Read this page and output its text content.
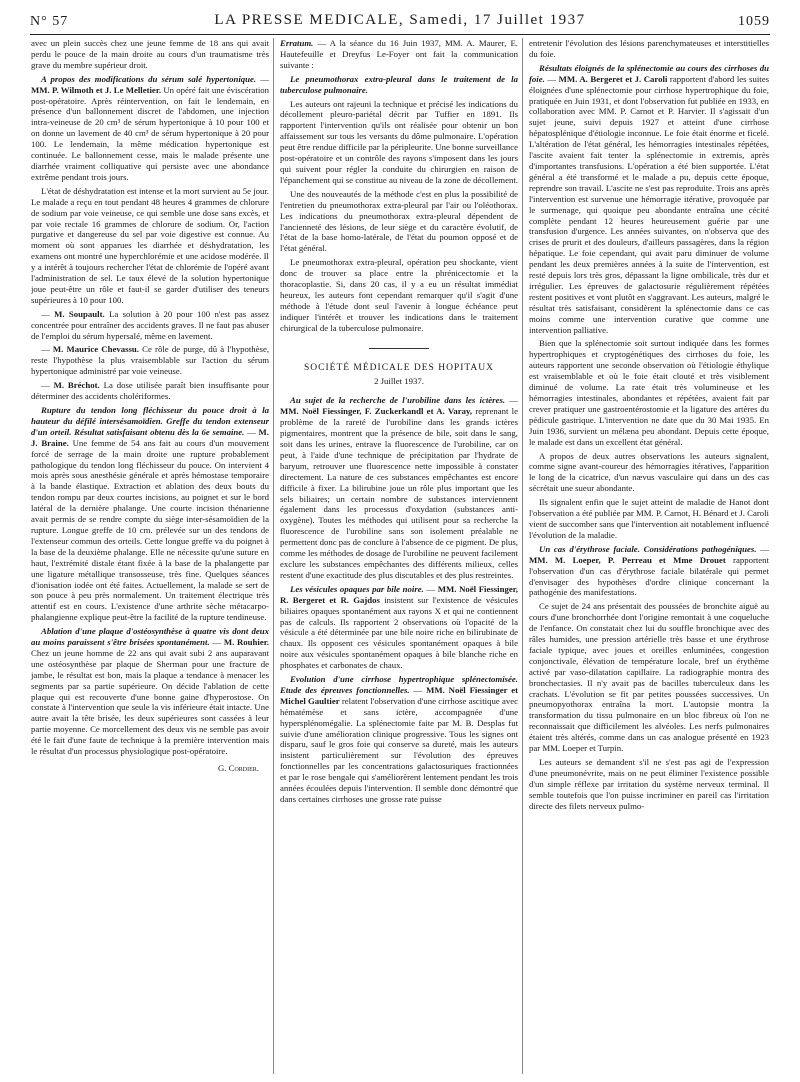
N° 57	LA PRESSE MEDICALE, Samedi, 17 Juillet 1937	1059

avec un plein succès chez une jeune femme de 18 ans qui avait perdu le pouce de la main droite au cours d'un traumatisme très grave du membre supérieur droit.

A propos des modifications du sérum salé hypertonique. — MM. P. Wilmoth et J. Le Melletier. Un opéré fait une éviscération post-opératoire. Après réintervention, on fait le lendemain, en présence d'un ballonnement discret de l'abdomen, une injection intra-veineuse de 20 cm³ de sérum hypertonique à 10 pour 100 et on donne un lavement de 40 cm³ de sérum hypertonique à 20 pour 100. Le lendemain, la même médication hypertonique est continuée. Le ballonnement cesse, mais le malade présente une diarrhée vraiment colliquative qui persiste avec une abondance extrême pendant trois jours.

L'état de déshydratation est intense et la mort survient au 5e jour. Le malade a reçu en tout pendant 48 heures 4 grammes de chlorure de sodium par voie veineuse, ce qui semble une dose sans excès, et par voie rectale 16 grammes de chlorure de sodium. Or, l'action purgative et dangereuse du sel par voie digestive est connue. Au moment où sont apparues les diarrhée et déshydratation, les examens ont montré une hyperchlorémie et une acidose modérée. Il y a intérêt à toujours rechercher l'état de chlorémie de l'opéré avant l'administration de sel. Le taux élevé de la solution hypertonique joue peut-être un rôle et faut-il se garder d'utiliser des teneurs supérieures à 10 pour 100.

— M. Soupault. La solution à 20 pour 100 n'est pas assez concentrée pour entraîner des accidents graves. Il ne faut pas abuser de l'emploi du sérum hypersalé, même en lavement.

— M. Maurice Chevassu. Ce rôle de purge, dû à l'hypothèse, reste l'hypothèse la plus vraisemblable sur l'action du sérum hypertonique administré par voie veineuse.

— M. Bréchot. La dose utilisée paraît bien insuffisante pour déterminer des accidents cholériformes.

Rupture du tendon long fléchisseur du pouce droit à la hauteur du défilé intersésamoïdien. Greffe du tendon extenseur d'un orteil. Résultat satisfaisant obtenu dès la 6e semaine. — M. J. Braine. Une femme de 54 ans fait au cours d'un mouvement forcé de serrage de la main droite une rupture probablement pathologique du tendon long fléchisseur du pouce. On intervient 4 mois après sous anesthésie générale et après hémostase temporaire à la bande élastique. Extraction et ablation des deux bouts du tendon rompu par deux courtes incisions, au poignet et sur le bord latéral de la dernière phalange. Une courte incision thénarienne avait permis de se rendre compte du siège inter-sésamoïdien de la rupture. Longue greffe de 10 cm. prélevée sur un des tendons de l'extenseur commun des orteils. Cette longue greffe va du poignet à la base de la deuxième phalange. Elle ne nécessite qu'une suture en haut, l'extrémité distale étant fixée à la base de la phalangette par une ligature métallique transosseuse, très fine. Quelques séances d'ionisation iodée ont été faites. Actuellement, la malade se sert de son pouce à peu près normalement. Un traitement électrique très attentif est en cours. L'existence d'une arthrite sèche métacarpo-phalangienne explique peut-être la facilité de la rupture tendineuse.

Ablation d'une plaque d'ostéosynthèse à quatre vis dont deux au moins paraissent s'être brisées spontanément. — M. Rouhier. Chez un jeune homme de 22 ans qui avait subi 2 ans auparavant une ostéosynthèse par plaque de Sherman pour une fracture de jambe, le résultat est bon, mais la plaque a tendance à menacer les segments par sa partie supérieure. On décide l'ablation de cette plaque qui est recouverte d'une bonne gaine d'hyperostose. On constate à l'intervention que seule la vis inférieure était intacte. Une autre avait la tête brisée, les deux supérieures sont cassées à leur partie moyenne. Ce morcellement des deux vis ne semble pas avoir été le fait d'une faute de technique à la première intervention mais le résultat d'un processus physiologique post-opératoire.

G. Cordier.

Erratum. — A la séance du 16 Juin 1937, MM. A. Maurer, E. Hautefeuille et Dreyfus Le-Foyer ont fait la communication suivante :

Le pneumothorax extra-pleural dans le traitement de la tuberculose pulmonaire.

Les auteurs ont rajeuni la technique et précisé les indications du décollement pleuro-pariétal décrit par Tuffier en 1891. Ils rapportent l'intervention qu'ils ont réalisée pour obtenir un bon affaissement sur tous les versants du dôme pulmonaire. L'opération peut être rendue difficile par la péripleurite. Une bonne surveillance post-opératoire et un contrôle des rayons s'imposent dans les jours qui suivent pour régler la conduite du chirurgien en raison de l'épanchement qui se constitue au niveau de la zone de décollement.

Une des nouveautés de la méthode c'est en plus la possibilité de l'entretien du pneumothorax extra-pleural par l'air ou l'oléothorax. Les indications du pneumothorax extra-pleural dépendent de l'ancienneté des lésions, de leur siège et du caractère évolutif, de l'état de la base homo-latérale, de l'état du poumon opposé et de l'état général.

Le pneumothorax extra-pleural, opération peu shockante, vient donc de trouver sa place entre la phrénicectomie et la thoracoplastie. Si, dans 20 cas, il y a eu un résultat immédiat heureux, les auteurs font cependant remarquer qu'il s'agit d'une méthode à l'étude dont seul l'avenir à longue échéance peut indiquer l'intérêt et trouver les indications dans le traitement chirurgical de la tuberculose pulmonaire.

SOCIÉTÉ MÉDICALE DES HOPITAUX

2 Juillet 1937.

Au sujet de la recherche de l'urobiline dans les ictères. — MM. Noël Fiessinger, F. Zuckerkandl et A. Varay, reprenant le problème de la rareté de l'urobiline dans les grands ictères pigmentaires, montrent que la présence de bile, soit dans le sang, soit dans les urines, entrave la fluorescence de l'urobiline, car on peut, à l'aide d'une technique de précipitation par l'hydrate de baryum, retrouver une fluorescence nette impossible à constater directement. La nature de ces substances empêchantes est encore difficile à fixer. La bilirubine joue un rôle plus important que les sels biliaires; un certain nombre de substances interviennent également dans les processus d'oxydation (substances anti-oxygène). Toutes les méthodes qui utilisent pour sa recherche la fluorescence de l'urobiline sans son isolement préalable ne permettent donc pas de conclure à l'absence de ce pigment. De plus, comme les méthodes de dosage de l'urobiline ne peuvent facilement exclure les substances empêchantes des différents milieux, celles restent d'une exactitude des plus discutables et des plus restreintes.

Les vésicules opaques par bile noire. — MM. Noël Fiessinger, R. Bergeret et R. Gajdos insistent sur l'existence de vésicules biliaires opaques spontanément aux rayons X et qui ne contiennent pas de calculs. Ils rapportent 2 observations où l'opacité de la vésicule a été déterminée par une bile noire riche en bilirubinate de chaux. Ils opposent ces vésicules spontanément opaques à bile noire aux vésicules spontanément opaques à bile blanche riche en phosphates et carbonates de chaux.

Evolution d'une cirrhose hypertrophique splénectomisée. Etude des épreuves fonctionnelles. — MM. Noël Fiessinger et Michel Gaultier relatent l'observation d'une cirrhose ascitique avec hématémèse et sans ictère, accompagnée d'une hypersplénomégalie. La splénectomie faite par M. B. Desplas fut suivie d'une amélioration clinique progressive. Tous les signes ont disparu, sauf le gros foie qui conserve sa dureté, mais les auteurs insistent particulièrement sur l'évolution des épreuves fonctionnelles par les concentrations galactosuriques fractionnées et par le rose bengale qui s'améliorèrent lentement pendant les trois années écoulées depuis l'intervention. Il semble donc démontré que dans certaines cirrhoses une grosse rate puisse

entretenir l'évolution des lésions parenchymateuses et interstitielles du foie.

Résultats éloignés de la splénectomie au cours des cirrhoses du foie. — MM. A. Bergeret et J. Caroli rapportent d'abord les suites éloignées d'une splénectomie pour cirrhose hypertrophique du foie, pratiquée en Juin 1931, et dont l'observation fut publiée en 1933, en collaboration avec MM. P. Carnot et P. Harvier. Il s'agissait d'un sujet jeune, suivi depuis 1927 et atteint d'une cirrhose hépatosplénique d'étiologie inconnue. Le foie était énorme et ficelé. L'altération de l'état général, les hémorragies intestinales répétées, l'ascite avaient fait tenter la splénectomie in extremis, après d'importantes transfusions. L'opération a été bien supportée. L'état général a été transformé et le malade a pu, depuis cette époque, reprendre son travail. L'ascite ne s'est pas reproduite. Trois ans après l'intervention est survenue une hémorragie itérative, provoquée par le surmenage, qui quoique peu abondante entraîna une cécité complète pendant 12 heures heureusement guérie par une transfusion d'urgence. Les années suivantes, on n'observa que des crises de prurit et des douleurs, d'ailleurs passagères, dans la région hépatique. Le foie cependant, qui avait paru diminuer de volume pendant les deux premières années à la suite de l'intervention, est resté depuis lors très gros, dépassant la ligne ombilicale, très dur et irrégulier. Les épreuves de galactosurie régulièrement répétées restent positives et vont plutôt en s'aggravant. Les auteurs, malgré le résultat très satisfaisant, considèrent la splénectomie dans ce cas moins comme une intervention curative que comme une intervention palliative.

Bien que la splénectomie soit surtout indiquée dans les formes hypertrophiques et cryptogénétiques des cirrhoses du foie, les auteurs rapportent une seconde observation où l'étiologie éthylique est vraisemblable et où le foie était clouté et très visiblement diminué de volume. La rate était très volumineuse et les hémorragies intestinales, abondantes et répétées, avaient fait par crever pratiquer une gastroentérostomie et la ligature des artères du pédicule gastrique. L'intervention ne date que du 30 Mai 1935. En Juin 1936, survient un mélæna peu abondant. Depuis cette époque, le malade est dans un excellent état général.

A propos de deux autres observations les auteurs signalent, comme signe avant-coureur des hémorragies itératives, l'apparition le long de la cicatrice, d'un nævus vasculaire qui dans un des cas sécrétait une sueur abondante.

Ils signalent enfin que le sujet atteint de maladie de Hanot dont l'observation a été publiée par MM. P. Carnot, H. Bénard et J. Caroli vient de succomber sans que l'intervention ait notablement influencé l'évolution de la maladie.

Un cas d'érythrose faciale. Considérations pathogéniques. — MM. M. Loeper, P. Perreau et Mme Drouet rapportent l'observation d'un cas d'érythrose faciale bilatérale qui permet d'envisager des hypothèses d'ordre clinique concernant la pathogénie des manifestations.

Ce sujet de 24 ans présentait des poussées de bronchite aiguë au cours d'une bronchorrhée dont l'origine remontait à une coqueluche de l'enfance. On constatait chez lui du souffle bronchique avec des râles humides, une pression artérielle très basse et une érythrose faciale typique, avec joues et oreilles enluminées, congestion conjonctivale, élévation de température locale, bref un érythème activé par vaso-dilatation capillaire. La radiographie montra des bronchectasies. Il n'y avait pas de bacilles tuberculeux dans les crachats. L'évolution se fit par petites poussées successives. Un pneumopyothorax entraîna la mort. L'autopsie montra la transformation du tissu pulmonaire en un bloc fibreux où l'on ne reconnaissait que difficilement les alvéoles. Les nerfs pulmonaires étaient très altérés, comme dans un cas analogue présenté en 1923 par MM. Loeper et Turpin.

Les auteurs se demandent s'il ne s'est pas agi de l'expression d'une pneumonévrite, mais on ne peut éliminer l'existence possible d'un simple réflexe par irritation du système nerveux terminal. Il semble toutefois que l'on puisse incriminer en pareil cas l'irritation directe des filets nerveux pulmo-
